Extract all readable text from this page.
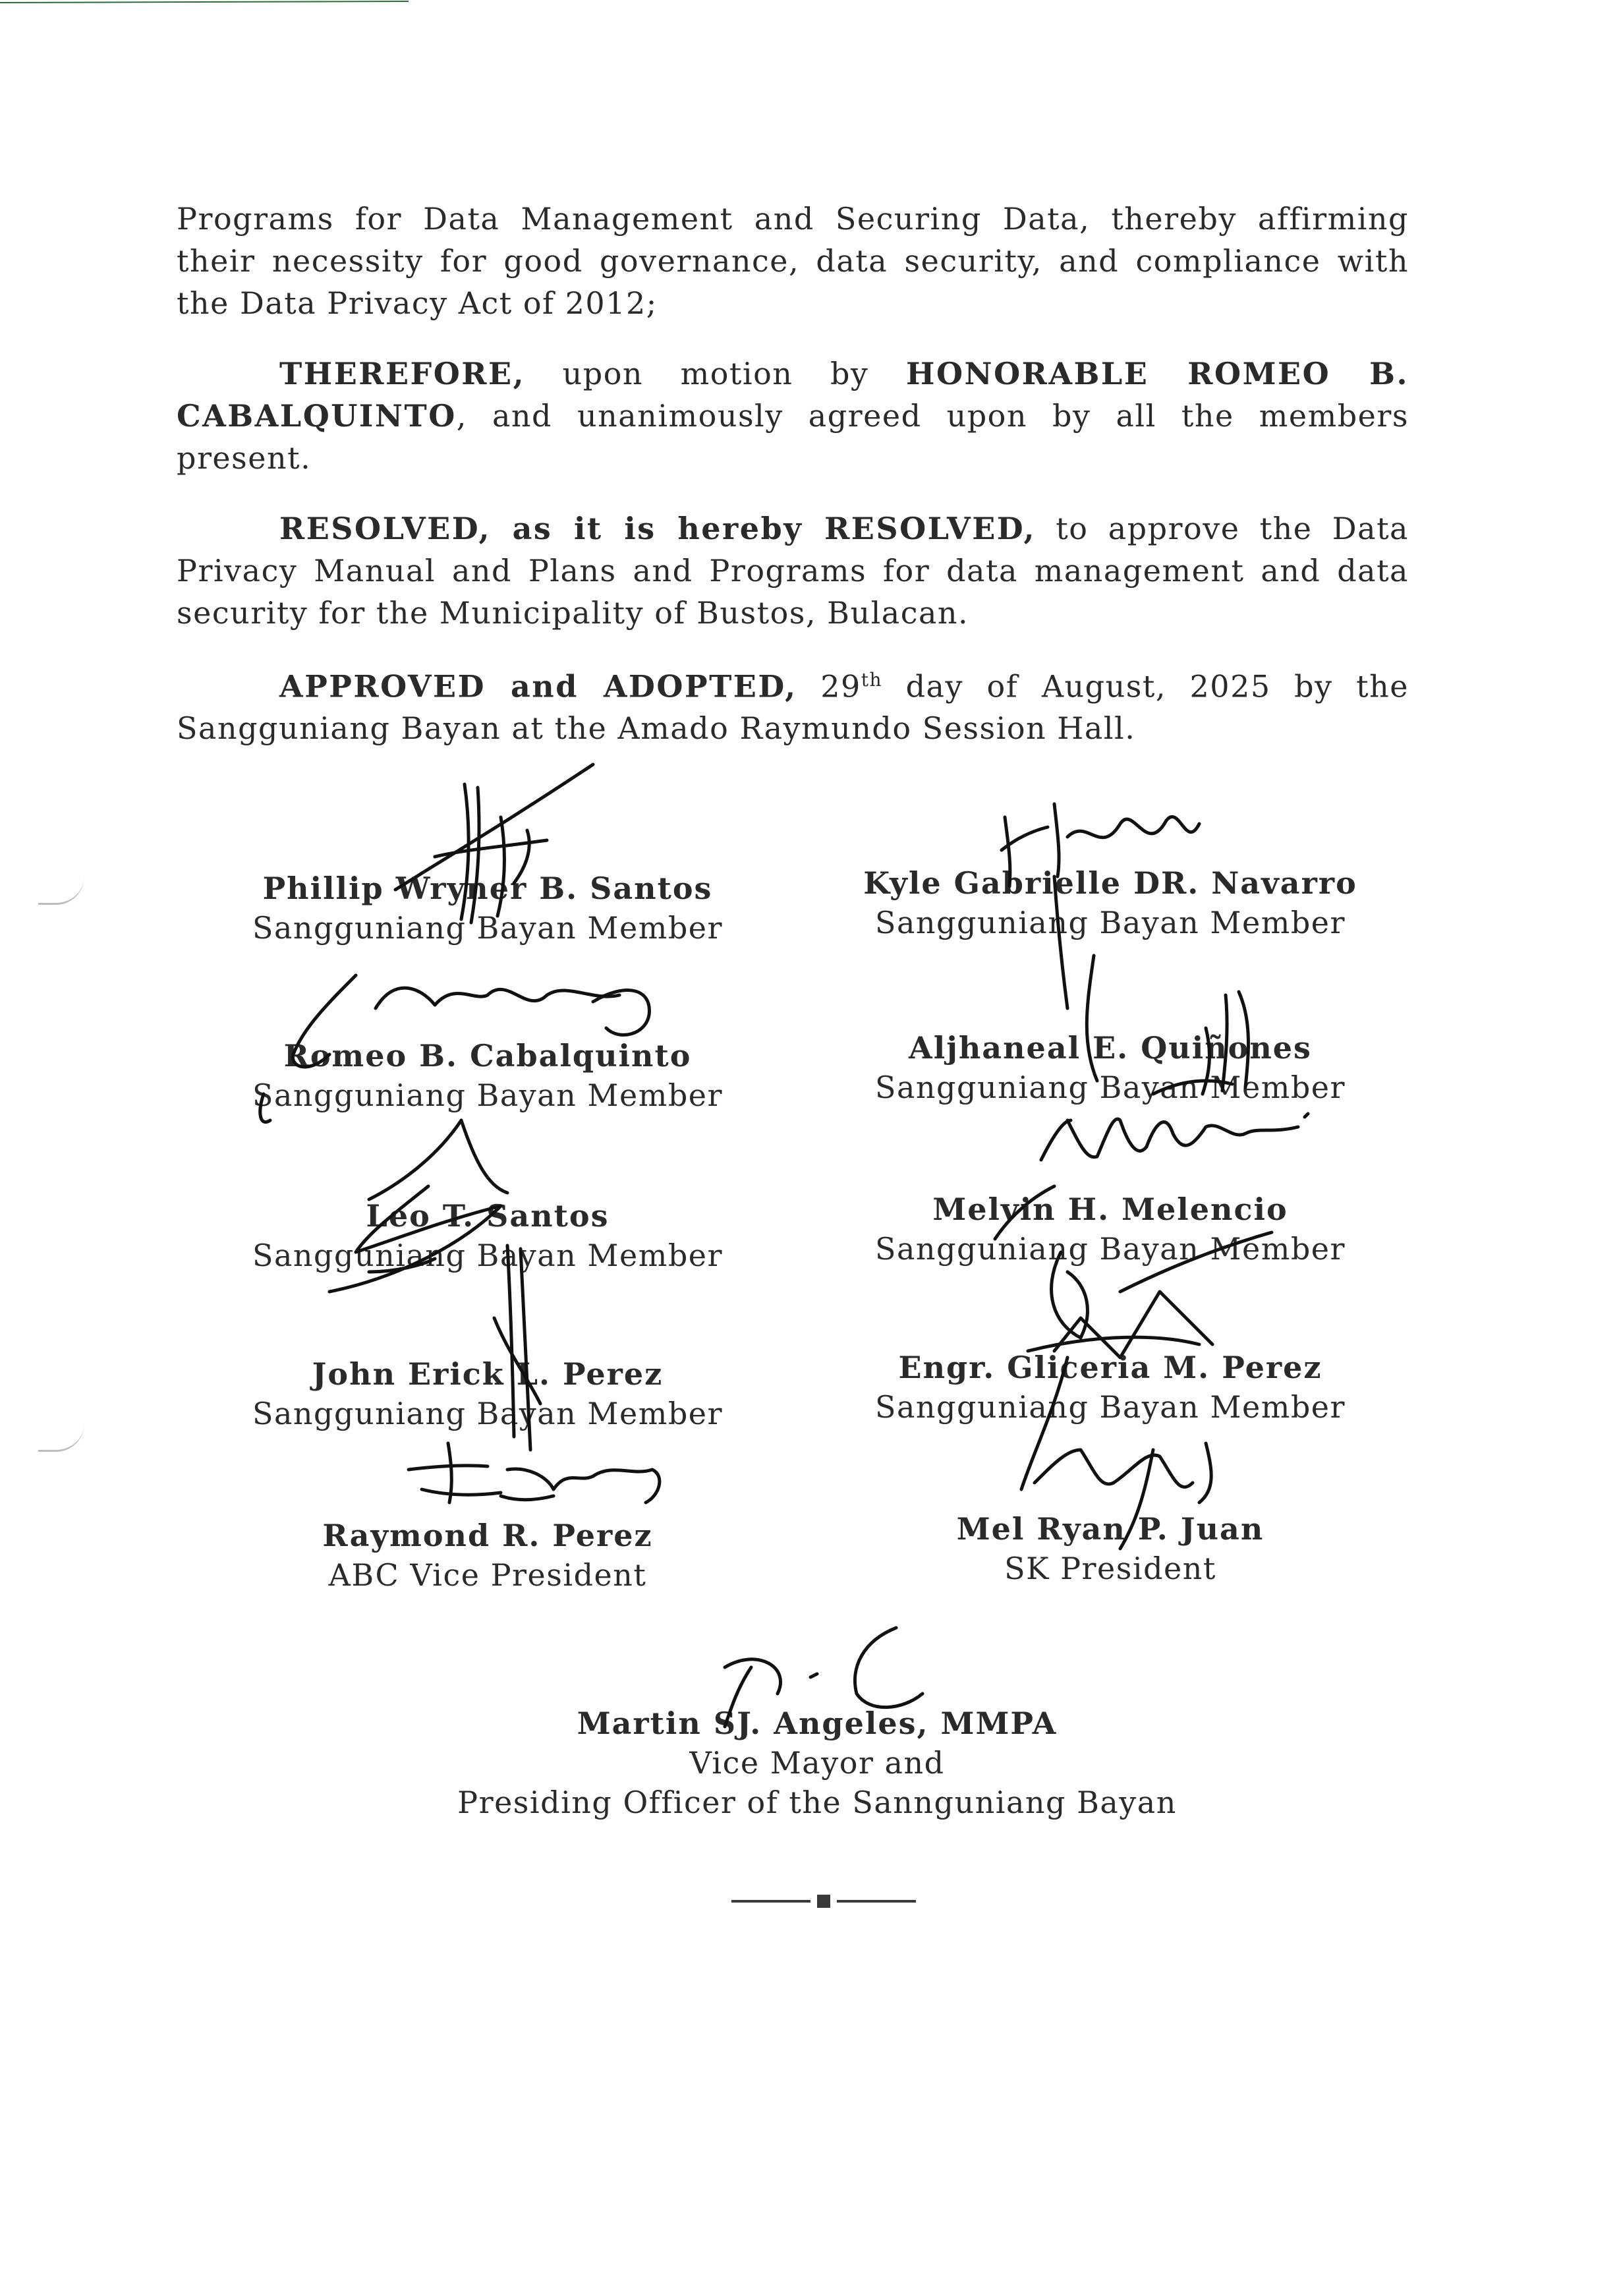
Programs for Data Management and Securing Data, thereby affirming their necessity for good governance, data security, and compliance with the Data Privacy Act of 2012;
THEREFORE, upon motion by HONORABLE ROMEO B. CABALQUINTO, and unanimously agreed upon by all the members present.
RESOLVED, as it is hereby RESOLVED, to approve the Data Privacy Manual and Plans and Programs for data management and data security for the Municipality of Bustos, Bulacan.
APPROVED and ADOPTED, 29th day of August, 2025 by the Sangguniang Bayan at the Amado Raymundo Session Hall.
Phillip Wryner B. Santos
Sangguniang Bayan Member
Romeo B. Cabalquinto
Sangguniang Bayan Member
Leo T. Santos
Sangguniang Bayan Member
John Erick L. Perez
Sangguniang Bayan Member
Raymond R. Perez
ABC Vice President
Kyle Gabrielle DR. Navarro
Sangguniang Bayan Member
Aljhaneal E. Quiñones
Sangguniang Bayan Member
Melvin H. Melencio
Sangguniang Bayan Member
Engr. Gliceria M. Perez
Sangguniang Bayan Member
Mel Ryan P. Juan
SK President
Martin SJ. Angeles, MMPA
Vice Mayor and
Presiding Officer of the Sannguniang Bayan
